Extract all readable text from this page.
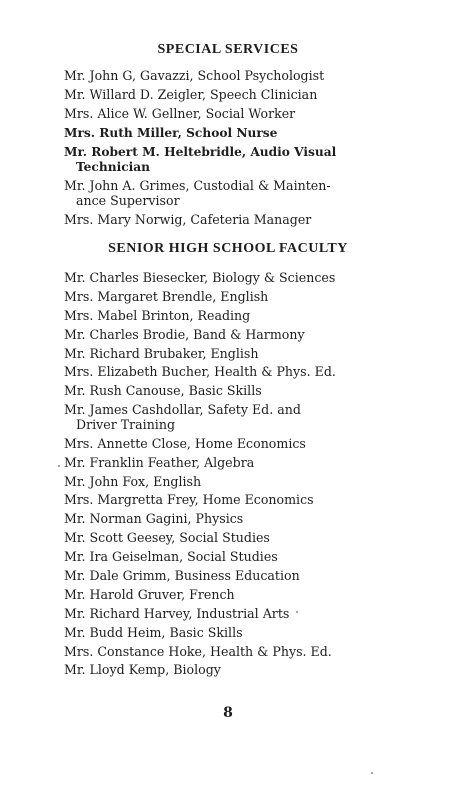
SPECIAL SERVICES
Mr. John G, Gavazzi, School Psychologist
Mr. Willard D. Zeigler, Speech Clinician
Mrs. Alice W. Gellner, Social Worker
Mrs. Ruth Miller, School Nurse
Mr. Robert M. Heltebridle, Audio Visual
Technician
Mr. John A. Grimes, Custodial & Mainten-
ance Supervisor
Mrs. Mary Norwig, Cafeteria Manager
SENIOR HIGH SCHOOL FACULTY
Mr. Charles Biesecker, Biology & Sciences
Mrs. Margaret Brendle, English
Mrs. Mabel Brinton, Reading
Mr. Charles Brodie, Band & Harmony
Mr. Richard Brubaker, English
Mrs. Elizabeth Bucher, Health & Phys. Ed.
Mr. Rush Canouse, Basic Skills
Mr. James Cashdollar, Safety Ed. and
Driver Training
Mrs. Annette Close, Home Economics
Mr. Franklin Feather, Algebra
Mr. John Fox, English
Mrs. Margretta Frey, Home Economics
Mr. Norman Gagini, Physics
Mr. Scott Geesey, Social Studies
Mr. Ira Geiselman, Social Studies
Mr. Dale Grimm, Business Education
Mr. Harold Gruver, French
Mr. Richard Harvey, Industrial Arts
Mr. Budd Heim, Basic Skills
Mrs. Constance Hoke, Health & Phys. Ed.
Mr. Lloyd Kemp, Biology
8
